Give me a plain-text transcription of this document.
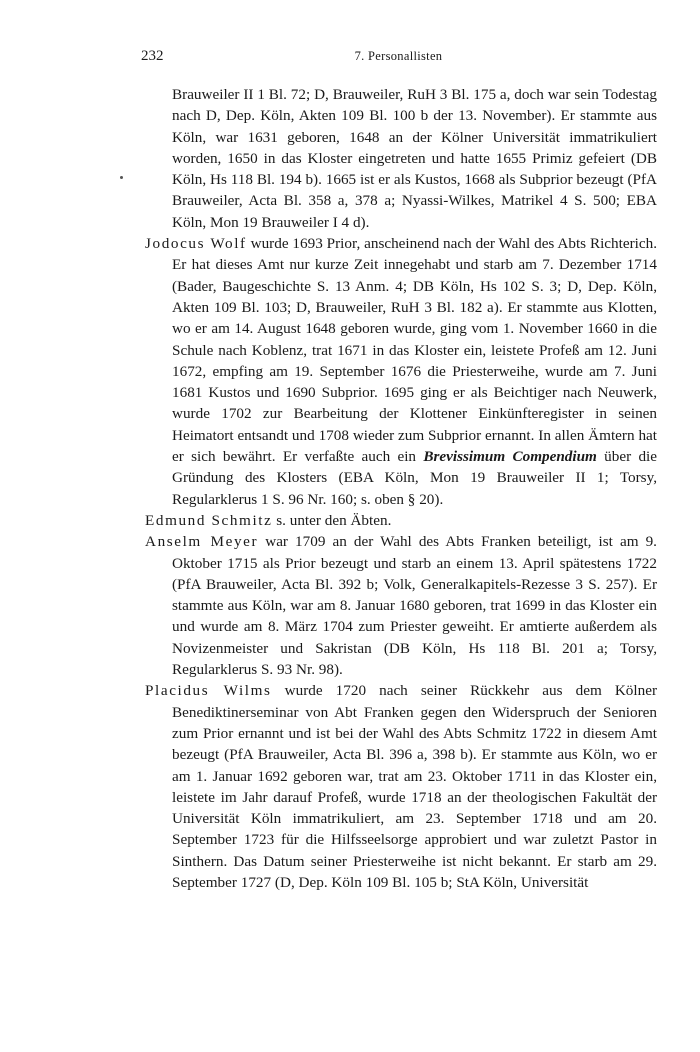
232	7. Personallisten

Brauweiler II 1 Bl. 72; D, Brauweiler, RuH 3 Bl. 175 a, doch war sein Todestag nach D, Dep. Köln, Akten 109 Bl. 100 b der 13. November). Er stammte aus Köln, war 1631 geboren, 1648 an der Kölner Universität immatrikuliert worden, 1650 in das Kloster eingetreten und hatte 1655 Primiz gefeiert (DB Köln, Hs 118 Bl. 194 b). 1665 ist er als Kustos, 1668 als Subprior bezeugt (PfA Brauweiler, Acta Bl. 358 a, 378 a; Nyassi-Wilkes, Matrikel 4 S. 500; EBA Köln, Mon 19 Brauweiler I 4 d).

Jodocus Wolf wurde 1693 Prior, anscheinend nach der Wahl des Abts Richterich. Er hat dieses Amt nur kurze Zeit innegehabt und starb am 7. Dezember 1714 (Bader, Baugeschichte S. 13 Anm. 4; DB Köln, Hs 102 S. 3; D, Dep. Köln, Akten 109 Bl. 103; D, Brauweiler, RuH 3 Bl. 182 a). Er stammte aus Klotten, wo er am 14. August 1648 geboren wurde, ging vom 1. November 1660 in die Schule nach Koblenz, trat 1671 in das Kloster ein, leistete Profeß am 12. Juni 1672, empfing am 19. September 1676 die Priesterweihe, wurde am 7. Juni 1681 Kustos und 1690 Subprior. 1695 ging er als Beichtiger nach Neuwerk, wurde 1702 zur Bearbeitung der Klottener Einkünfteregister in seinen Heimatort entsandt und 1708 wieder zum Subprior ernannt. In allen Ämtern hat er sich bewährt. Er verfaßte auch ein Brevissimum Compendium über die Gründung des Klosters (EBA Köln, Mon 19 Brauweiler II 1; Torsy, Regularklerus 1 S. 96 Nr. 160; s. oben § 20).

Edmund Schmitz s. unter den Äbten.

Anselm Meyer war 1709 an der Wahl des Abts Franken beteiligt, ist am 9. Oktober 1715 als Prior bezeugt und starb an einem 13. April spätestens 1722 (PfA Brauweiler, Acta Bl. 392 b; Volk, Generalkapitels-Rezesse 3 S. 257). Er stammte aus Köln, war am 8. Januar 1680 geboren, trat 1699 in das Kloster ein und wurde am 8. März 1704 zum Priester geweiht. Er amtierte außerdem als Novizenmeister und Sakristan (DB Köln, Hs 118 Bl. 201 a; Torsy, Regularklerus S. 93 Nr. 98).

Placidus Wilms wurde 1720 nach seiner Rückkehr aus dem Kölner Benediktinerseminar von Abt Franken gegen den Widerspruch der Senioren zum Prior ernannt und ist bei der Wahl des Abts Schmitz 1722 in diesem Amt bezeugt (PfA Brauweiler, Acta Bl. 396 a, 398 b). Er stammte aus Köln, wo er am 1. Januar 1692 geboren war, trat am 23. Oktober 1711 in das Kloster ein, leistete im Jahr darauf Profeß, wurde 1718 an der theologischen Fakultät der Universität Köln immatrikuliert, am 23. September 1718 und am 20. September 1723 für die Hilfsseelsorge approbiert und war zuletzt Pastor in Sinthern. Das Datum seiner Priesterweihe ist nicht bekannt. Er starb am 29. September 1727 (D, Dep. Köln 109 Bl. 105 b; StA Köln, Universität
